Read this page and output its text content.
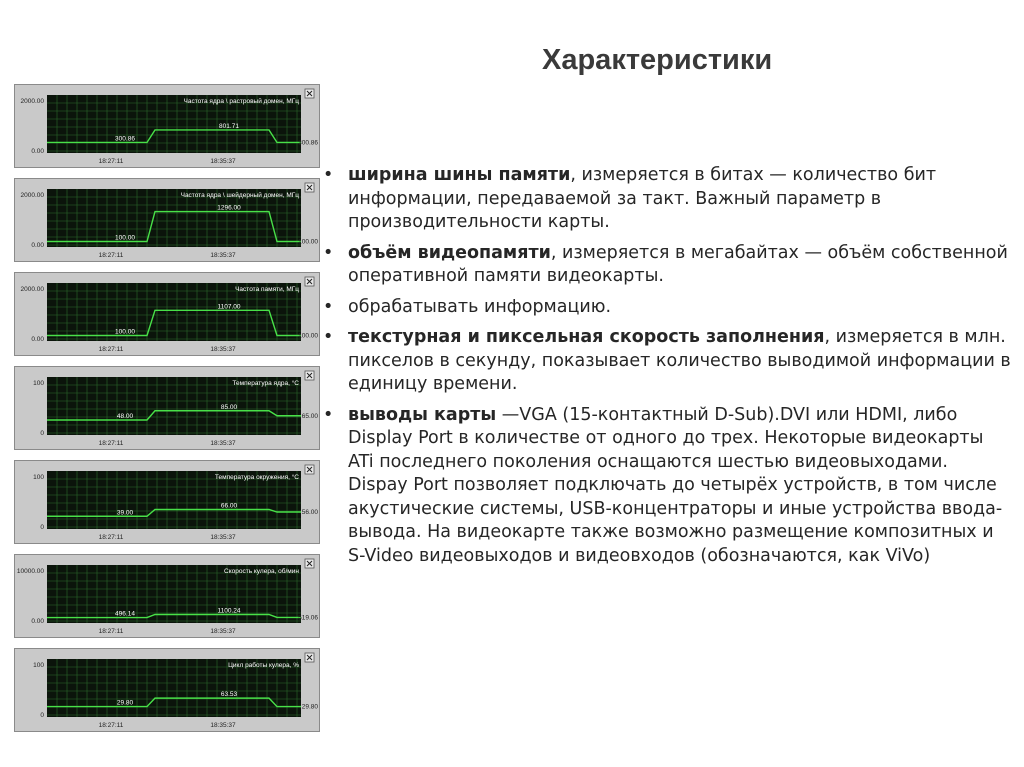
Характеристики
Частота ядра \ растровый домен, МГц
2000.00
0.00
18:27:11	18:35:37
300.86
801.71
300.86
Частота ядра \ шейдерный домен, МГц
2000.00
0.00
18:27:11	18:35:37
100.00
1296.00
100.00
Частота памяти, МГц
2000.00
0.00
18:27:11	18:35:37
100.00
1107.00
100.00
Температура ядра, °С
100
0
18:27:11	18:35:37
48.00
85.00
65.00
Температура окружения, °С
100
0
18:27:11	18:35:37
39.00
66.00
56.00
Скорость кулера, об/мин
10000.00
0.00
18:27:11	18:35:37
496.14	1100.24
519.06
Цикл работы кулера, %
100
0
18:27:11	18:35:37
29.80
63.53
29.80
• ширина шины памяти, измеряется в битах — количество бит информации, передаваемой за такт. Важный параметр в производительности карты.
• объём видеопамяти, измеряется в мегабайтах — объём собственной оперативной памяти видеокарты.
• обрабатывать информацию.
• текстурная и пиксельная скорость заполнения, измеряется в млн. пикселов в секунду, показывает количество выводимой информации в единицу времени.
• выводы карты —VGA (15-контактный D-Sub).DVI или HDMI, либо Display Port в количестве от одного до трех. Некоторые видеокарты ATi последнего поколения оснащаются шестью видеовыходами. Dispay Port позволяет подключать до четырёх устройств, в том числе акустические системы, USB-концентраторы и иные устройства ввода-вывода. На видеокарте также возможно размещение композитных и S-Video видеовыходов и видеовходов (обозначаются, как ViVo)
